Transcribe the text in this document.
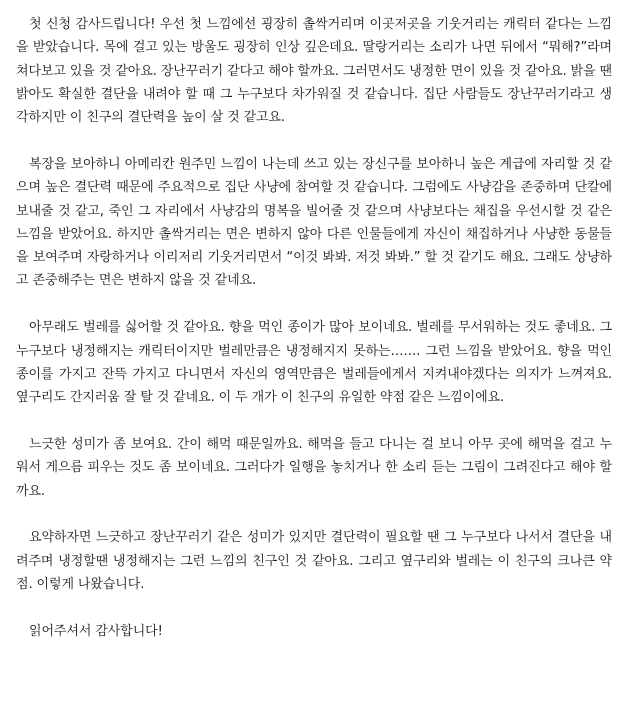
첫 신청 감사드립니다! 우선 첫 느낌에선 굉장히 촐싹거리며 이곳저곳을 기웃거리는 캐릭터 같다는 느낌을 받았습니다. 목에 걸고 있는 방울도 굉장히 인상 깊은데요. 딸랑거리는 소리가 나면 뒤에서 “뭐해?”라며 쳐다보고 있을 것 같아요. 장난꾸러기 같다고 해야 할까요. 그러면서도 냉정한 면이 있을 것 같아요. 밝을 땐 밝아도 확실한 결단을 내려야 할 때 그 누구보다 차가워질 것 같습니다. 집단 사람들도 장난꾸러기라고 생각하지만 이 친구의 결단력을 높이 살 것 같고요.

복장을 보아하니 아메리칸 원주민 느낌이 나는데 쓰고 있는 장신구를 보아하니 높은 계급에 자리할 것 같으며 높은 결단력 때문에 주요적으로 집단 사냥에 참여할 것 같습니다. 그럼에도 사냥감을 존중하며 단칼에 보내줄 것 같고, 죽인 그 자리에서 사냥감의 명복을 빌어줄 것 같으며 사냥보다는 채집을 우선시할 것 같은 느낌을 받았어요. 하지만 촐싹거리는 면은 변하지 않아 다른 인물들에게 자신이 채집하거나 사냥한 동물들을 보여주며 자랑하거나 이리저리 기웃거리면서 “이것 봐봐. 저것 봐봐.” 할 것 같기도 해요. 그래도 상냥하고 존중해주는 면은 변하지 않을 것 같네요.

아무래도 벌레를 싫어할 것 같아요. 향을 먹인 종이가 많아 보이네요. 벌레를 무서워하는 것도 좋네요. 그 누구보다 냉정해지는 캐릭터이지만 벌레만큼은 냉정해지지 못하는……. 그런 느낌을 받았어요. 향을 먹인 종이를 가지고 잔뜩 가지고 다니면서 자신의 영역만큼은 벌레들에게서 지켜내야겠다는 의지가 느껴져요. 옆구리도 간지러움 잘 탈 것 같네요. 이 두 개가 이 친구의 유일한 약점 같은 느낌이에요.

느긋한 성미가 좀 보여요. 간이 해먹 때문일까요. 해먹을 들고 다니는 걸 보니 아무 곳에 해먹을 걸고 누워서 게으름 피우는 것도 좀 보이네요. 그러다가 일행을 놓치거나 한 소리 듣는 그림이 그려진다고 해야 할까요.

요약하자면 느긋하고 장난꾸러기 같은 성미가 있지만 결단력이 필요할 땐 그 누구보다 나서서 결단을 내려주며 냉정할땐 냉정해지는 그런 느낌의 친구인 것 같아요. 그리고 옆구리와 벌레는 이 친구의 크나큰 약점. 이렇게 나왔습니다.

읽어주셔서 감사합니다!
